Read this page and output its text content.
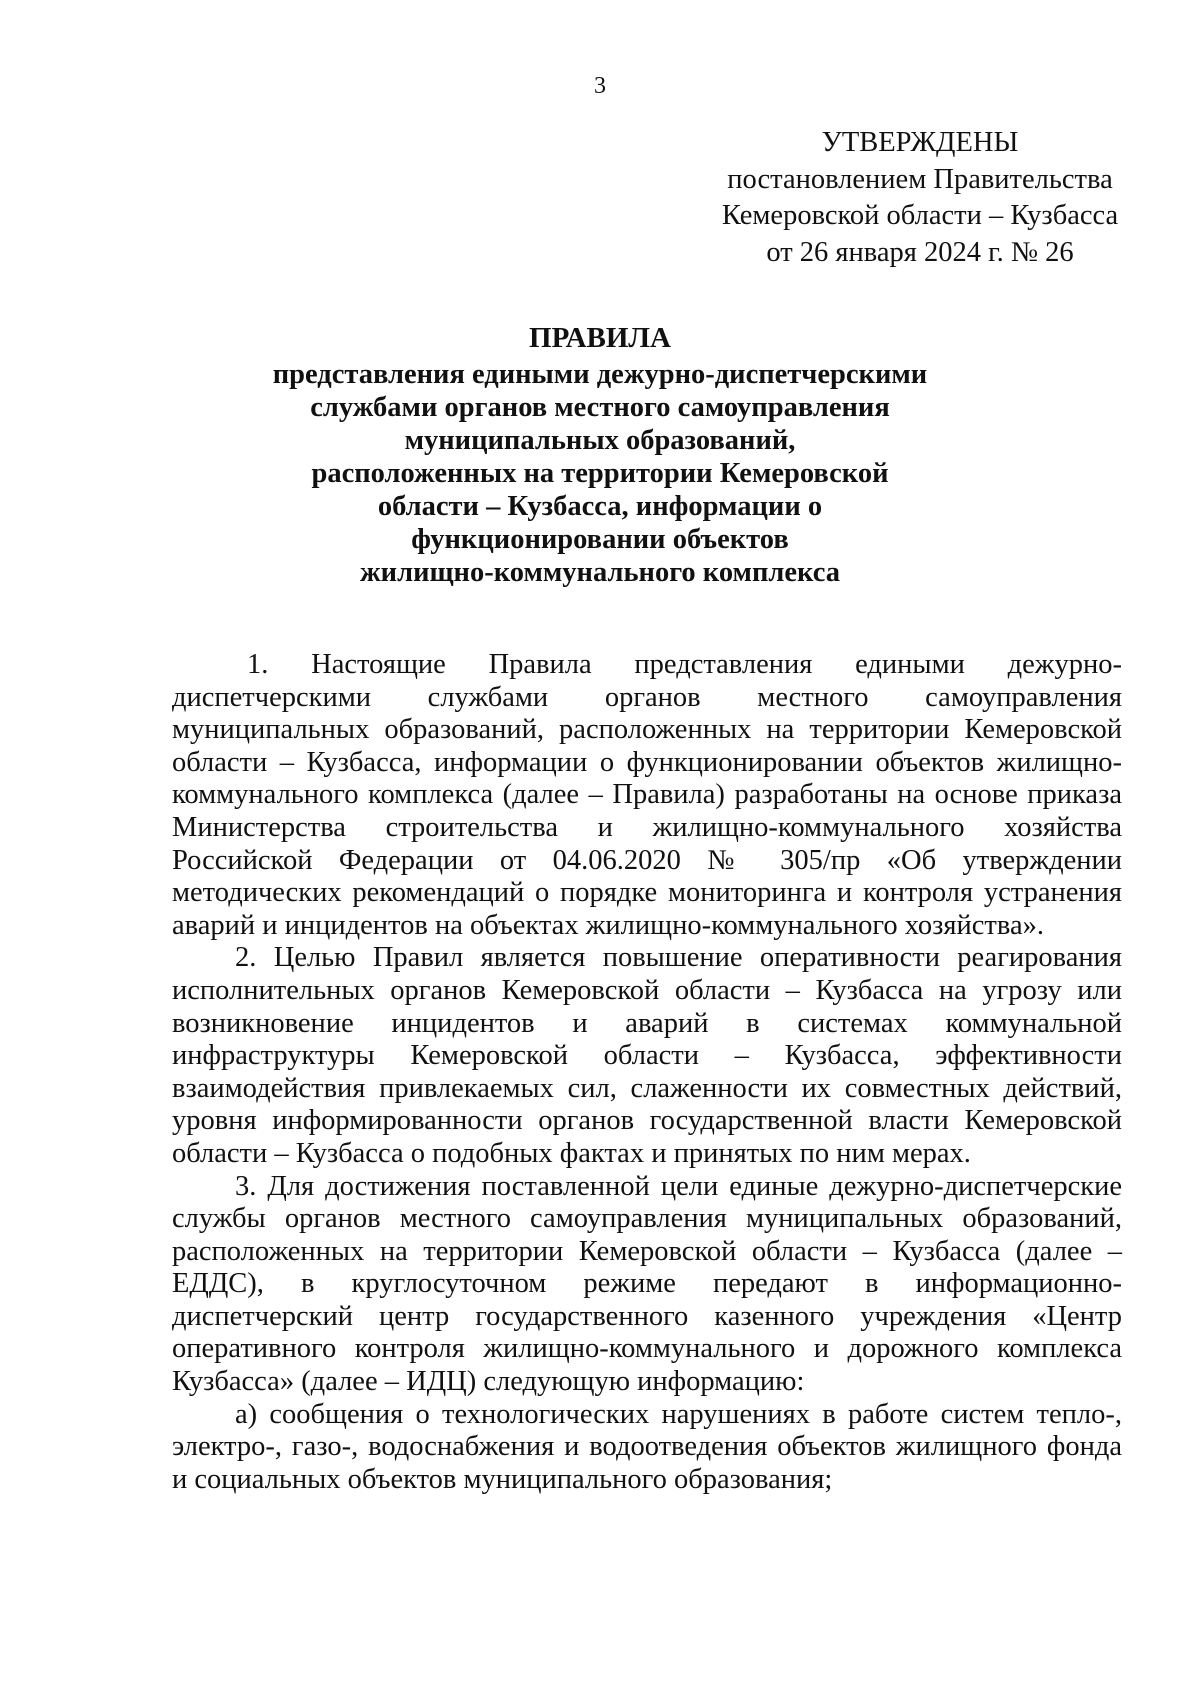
3
УТВЕРЖДЕНЫ
постановлением Правительства
Кемеровской области – Кузбасса
от 26 января 2024 г. № 26
ПРАВИЛА
представления едиными дежурно-диспетчерскими
службами органов местного самоуправления
муниципальных образований,
расположенных на территории Кемеровской
области – Кузбасса, информации о
функционировании объектов
жилищно-коммунального комплекса

1. Настоящие Правила представления едиными дежурно-диспетчерскими службами органов местного самоуправления муниципальных образований, расположенных на территории Кемеровской области – Кузбасса, информации о функционировании объектов жилищно-коммунального комплекса (далее – Правила) разработаны на основе приказа Министерства строительства и жилищно-коммунального хозяйства Российской Федерации от 04.06.2020 № 305/пр «Об утверждении методических рекомендаций о порядке мониторинга и контроля устранения аварий и инцидентов на объектах жилищно-коммунального хозяйства».

2. Целью Правил является повышение оперативности реагирования исполнительных органов Кемеровской области – Кузбасса на угрозу или возникновение инцидентов и аварий в системах коммунальной инфраструктуры Кемеровской области – Кузбасса, эффективности взаимодействия привлекаемых сил, слаженности их совместных действий, уровня информированности органов государственной власти Кемеровской области – Кузбасса о подобных фактах и принятых по ним мерах.

3. Для достижения поставленной цели единые дежурно-диспетчерские службы органов местного самоуправления муниципальных образований, расположенных на территории Кемеровской области – Кузбасса (далее – ЕДДС), в круглосуточном режиме передают в информационно-диспетчерский центр государственного казенного учреждения «Центр оперативного контроля жилищно-коммунального и дорожного комплекса Кузбасса» (далее – ИДЦ) следующую информацию:

а) сообщения о технологических нарушениях в работе систем тепло-, электро-, газо-, водоснабжения и водоотведения объектов жилищного фонда и социальных объектов муниципального образования;
